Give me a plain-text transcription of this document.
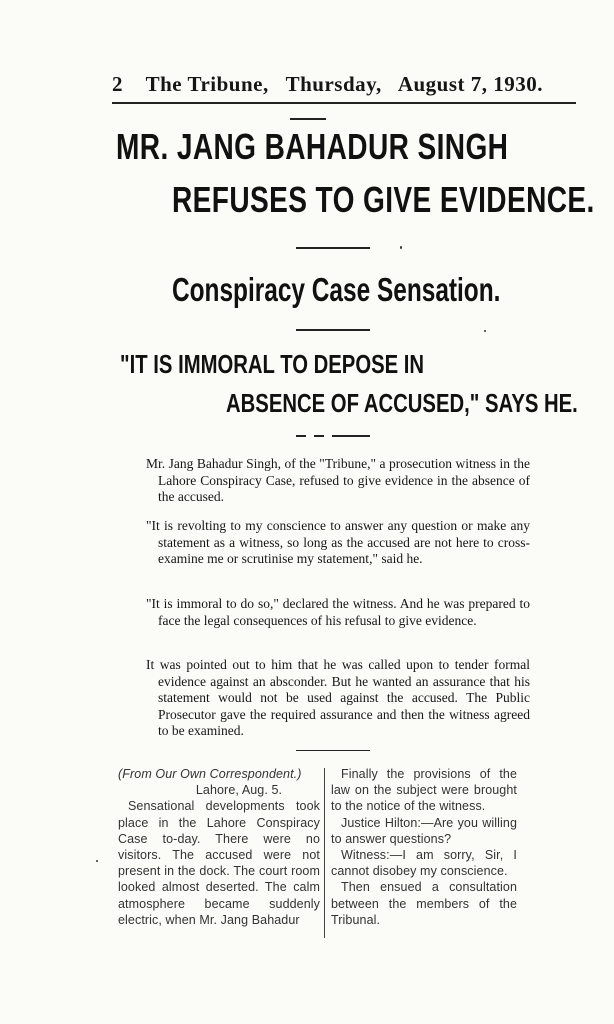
2 The Tribune, Thursday, August 7, 1930.
MR. JANG BAHADUR SINGH
REFUSES TO GIVE EVIDENCE.
Conspiracy Case Sensation.
"IT IS IMMORAL TO DEPOSE IN
ABSENCE OF ACCUSED," SAYS HE.
Mr. Jang Bahadur Singh, of the "Tribune," a prosecution witness in the Lahore Conspiracy Case, refused to give evidence in the absence of the accused.
"It is revolting to my conscience to answer any question or make any statement as a witness, so long as the accused are not here to cross-examine me or scrutinise my statement," said he.
"It is immoral to do so," declared the witness. And he was prepared to face the legal consequences of his refusal to give evidence.
It was pointed out to him that he was called upon to tender formal evidence against an absconder. But he wanted an assurance that his statement would not be used against the accused. The Public Prosecutor gave the required assurance and then the witness agreed to be examined.
(From Our Own Correspondent.)
Lahore, Aug. 5.
Sensational developments took place in the Lahore Conspiracy Case to-day. There were no visitors. The accused were not present in the dock. The court room looked almost deserted. The calm atmosphere became suddenly electric, when Mr. Jang Bahadur
Finally the provisions of the law on the subject were brought to the notice of the witness.
Justice Hilton:—Are you willing to answer questions?
Witness:—I am sorry, Sir, I cannot disobey my conscience.
Then ensued a consultation between the members of the Tribunal.
